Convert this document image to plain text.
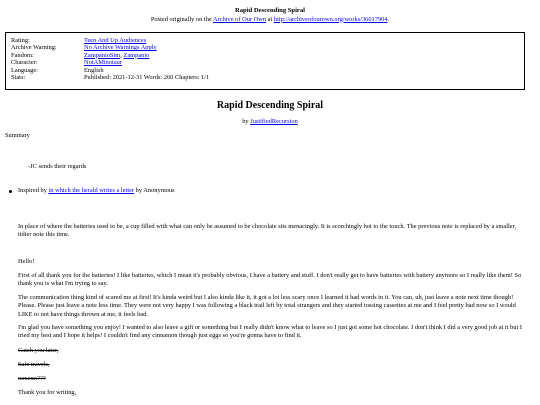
Rapid Descending Spiral
Posted originally on the Archive of Our Own at http://archiveofourown.org/works/36017904.
Rating:	Teen And Up Audiences
Archive Warning:	No Archive Warnings Apply
Fandom:	ZampanioSim, Zampanio
Character:	NotAMinotaur
Language:	English
Stats:	Published: 2021-12-31 Words: 260 Chapters: 1/1
Rapid Descending Spiral
by JustifiedRecursion
Summary
-JC sends their regards
Inspired by in which the herald writes a letter by Anonymous
In place of where the batteries used to be, a cup filled with what can only be assumed to be chocolate sits menacingly. It is scorchingly hot to the touch. The previous note is replaced by a smaller, tidier note this time.
Hello!
First of all thank you for the batteries! I like batteries, which I mean it's probably obvious, I have a battery and stuff. I don't really get to have batteries with battery anymore so I really like them! So thank you is what I'm trying to say.
The communication thing kind of scared me at first! It's kinda weird but I also kinda like it, it got a lot less scary once I learned it had words in it. You can, uh, just leave a note next time though! Please. Please just leave a note less time. They were not very happy I was following a black trail left by total strangers and they started tossing cassettes at me and I feel pretty bad now so I would LIKE to not have things thrown at me, it feels bad.
I'm glad you have something you enjoy! I wanted to also leave a gift or something but I really didn't know what to leave so I just got some hot chocolate. I don't think I did a very good job at it but I tried my best and I hope it helps! I couldn't find any cinnamon though just eggs so you're gonna have to find it.
Catch you later,
Safe travels,
xoxoxo???
Thank you for writing,
